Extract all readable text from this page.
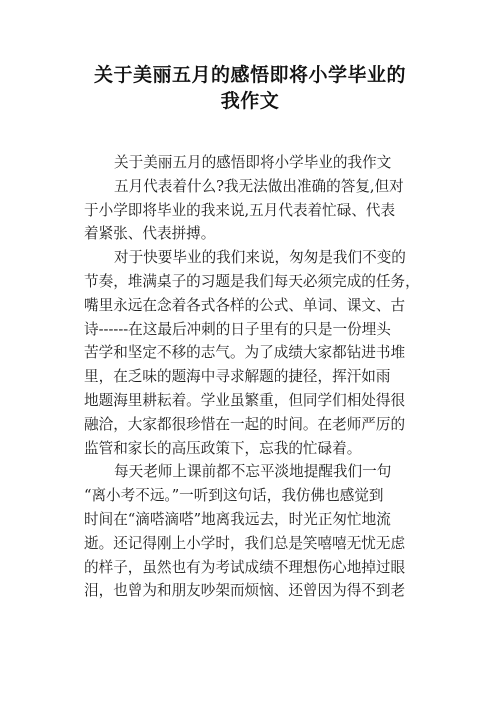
关于美丽五月的感悟即将小学毕业的
我作文
关于美丽五月的感悟即将小学毕业的我作文
五月代表着什么?我无法做出准确的答复,但对
于小学即将毕业的我来说,五月代表着忙碌、代表
着紧张、代表拼搏。
对于快要毕业的我们来说，匆匆是我们不变的
节奏，堆满桌子的习题是我们每天必须完成的任务，
嘴里永远在念着各式各样的公式、单词、课文、古
诗------在这最后冲刺的日子里有的只是一份埋头
苦学和坚定不移的志气。为了成绩大家都钻进书堆
里，在乏味的题海中寻求解题的捷径，挥汗如雨
地题海里耕耘着。学业虽繁重，但同学们相处得很
融洽，大家都很珍惜在一起的时间。在老师严厉的
监管和家长的高压政策下，忘我的忙碌着。
每天老师上课前都不忘平淡地提醒我们一句
“离小考不远。”一听到这句话，我仿佛也感觉到
时间在“滴嗒滴嗒”地离我远去，时光正匆忙地流
逝。还记得刚上小学时，我们总是笑嘻嘻无忧无虑
的样子，虽然也有为考试成绩不理想伤心地掉过眼
泪，也曾为和朋友吵架而烦恼、还曾因为得不到老
